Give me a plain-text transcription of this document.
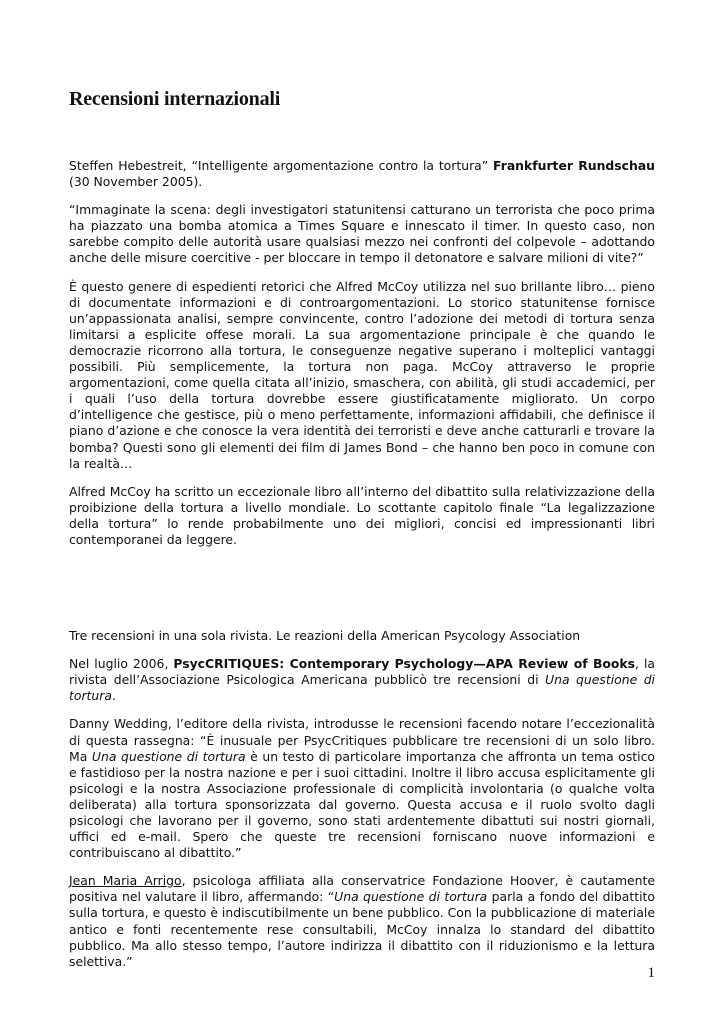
Recensioni internazionali

Steffen Hebestreit, “Intelligente argomentazione contro la tortura” Frankfurter Rundschau (30 November 2005).

“Immaginate la scena: degli investigatori statunitensi catturano un terrorista che poco prima ha piazzato una bomba atomica a Times Square e innescato il timer. In questo caso, non sarebbe compito delle autorità usare qualsiasi mezzo nei confronti del colpevole – adottando anche delle misure coercitive - per bloccare in tempo il detonatore e salvare milioni di vite?”

È questo genere di espedienti retorici che Alfred McCoy utilizza nel suo brillante libro… pieno di documentate informazioni e di controargomentazioni. Lo storico statunitense fornisce un’appassionata analisi, sempre convincente, contro l’adozione dei metodi di tortura senza limitarsi a esplicite offese morali. La sua argomentazione principale è che quando le democrazie ricorrono alla tortura, le conseguenze negative superano i molteplici vantaggi possibili. Più semplicemente, la tortura non paga. McCoy attraverso le proprie argomentazioni, come quella citata all’inizio, smaschera, con abilità, gli studi accademici, per i quali l’uso della tortura dovrebbe essere giustificatamente migliorato. Un corpo d’intelligence che gestisce, più o meno perfettamente, informazioni affidabili, che definisce il piano d’azione e che conosce la vera identità dei terroristi e deve anche catturarli e trovare la bomba? Questi sono gli elementi dei film di James Bond – che hanno ben poco in comune con la realtà…

Alfred McCoy ha scritto un eccezionale libro all’interno del dibattito sulla relativizzazione della proibizione della tortura a livello mondiale. Lo scottante capitolo finale “La legalizzazione della tortura” lo rende probabilmente uno dei migliori, concisi ed impressionanti libri contemporanei da leggere.

Tre recensioni in una sola rivista. Le reazioni della American Psycology Association

Nel luglio 2006, PsycCRITIQUES: Contemporary Psychology—APA Review of Books, la rivista dell’Associazione Psicologica Americana pubblicò tre recensioni di Una questione di tortura.

Danny Wedding, l’editore della rivista, introdusse le recensioni facendo notare l’eccezionalità di questa rassegna: “È inusuale per PsycCritiques pubblicare tre recensioni di un solo libro. Ma Una questione di tortura è un testo di particolare importanza che affronta un tema ostico e fastidioso per la nostra nazione e per i suoi cittadini. Inoltre il libro accusa esplicitamente gli psicologi e la nostra Associazione professionale di complicità involontaria (o qualche volta deliberata) alla tortura sponsorizzata dal governo. Questa accusa e il ruolo svolto dagli psicologi che lavorano per il governo, sono stati ardentemente dibattuti sui nostri giornali, uffici ed e-mail. Spero che queste tre recensioni forniscano nuove informazioni e contribuiscano al dibattito.”

Jean Maria Arrigo, psicologa affiliata alla conservatrice Fondazione Hoover, è cautamente positiva nel valutare il libro, affermando: “Una questione di tortura parla a fondo del dibattito sulla tortura, e questo è indiscutibilmente un bene pubblico. Con la pubblicazione di materiale antico e fonti recentemente rese consultabili, McCoy innalza lo standard del dibattito pubblico. Ma allo stesso tempo, l’autore indirizza il dibattito con il riduzionismo e la lettura selettiva.”

1
